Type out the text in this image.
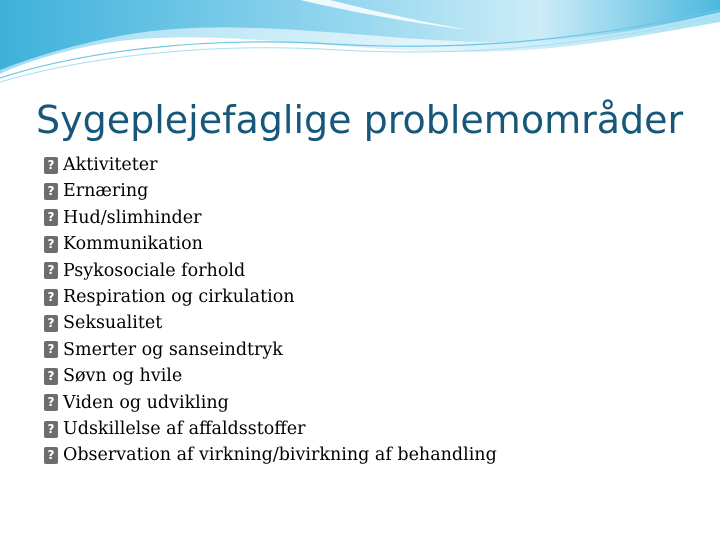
Sygeplejefaglige problemområder
? Aktiviteter
? Ernæring
? Hud/slimhinder
? Kommunikation
? Psykosociale forhold
? Respiration og cirkulation
? Seksualitet
? Smerter og sanseindtryk
? Søvn og hvile
? Viden og udvikling
? Udskillelse af affaldsstoffer
? Observation af virkning/bivirkning af behandling
